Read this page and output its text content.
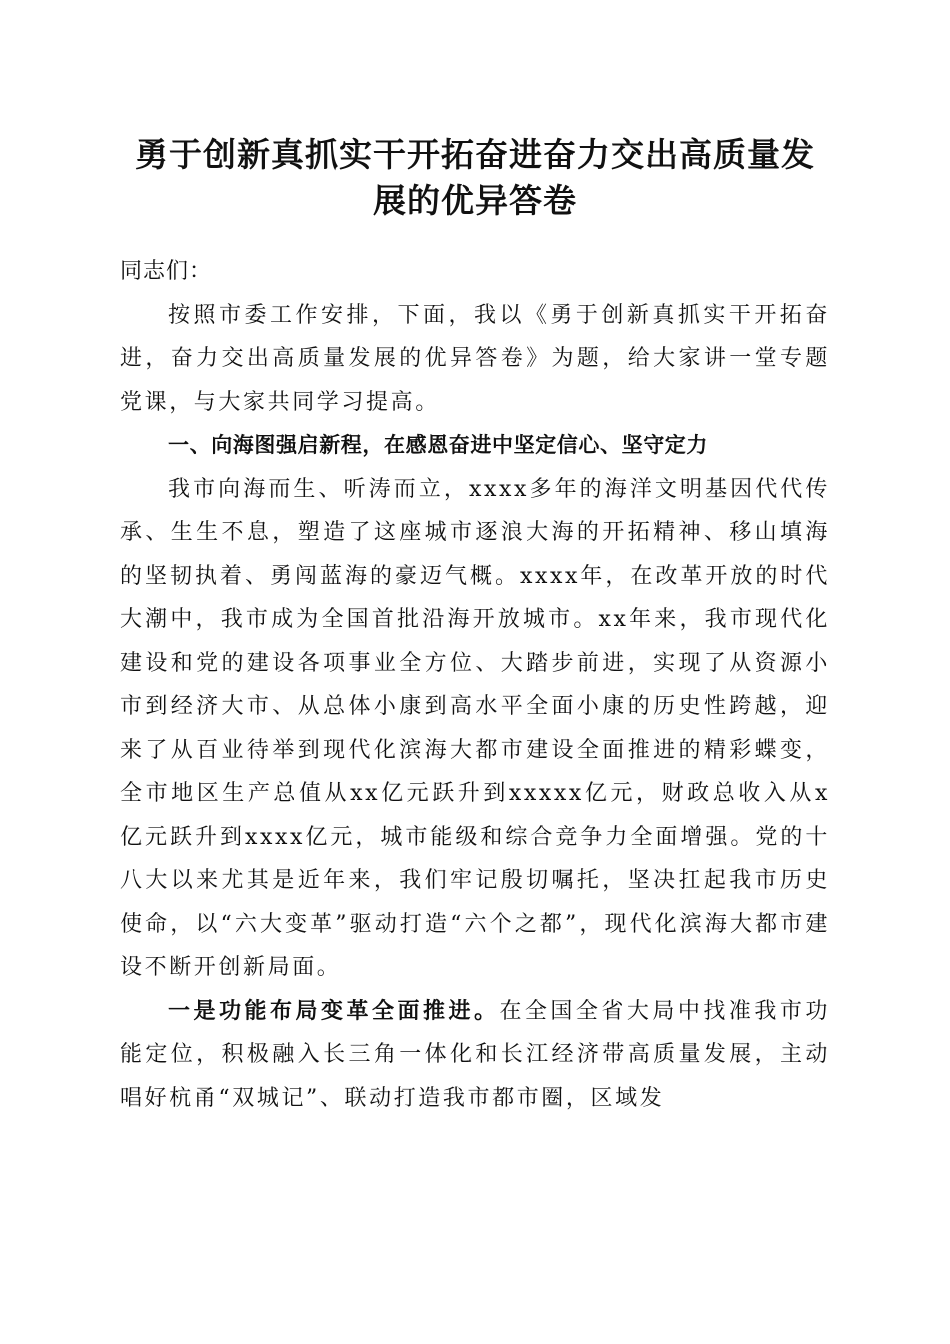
勇于创新真抓实干开拓奋进奋力交出高质量发
展的优异答卷

同志们：

按照市委工作安排，下面，我以《勇于创新真抓实干开拓奋进，奋力交出高质量发展的优异答卷》为题，给大家讲一堂专题党课，与大家共同学习提高。

一、向海图强启新程，在感恩奋进中坚定信心、坚守定力

我市向海而生、听涛而立，xxxx多年的海洋文明基因代代传承、生生不息，塑造了这座城市逐浪大海的开拓精神、移山填海的坚韧执着、勇闯蓝海的豪迈气概。xxxx年，在改革开放的时代大潮中，我市成为全国首批沿海开放城市。xx年来，我市现代化建设和党的建设各项事业全方位、大踏步前进，实现了从资源小市到经济大市、从总体小康到高水平全面小康的历史性跨越，迎来了从百业待举到现代化滨海大都市建设全面推进的精彩蝶变，全市地区生产总值从xx亿元跃升到xxxxx亿元，财政总收入从x亿元跃升到xxxx亿元，城市能级和综合竞争力全面增强。党的十八大以来尤其是近年来，我们牢记殷切嘱托，坚决扛起我市历史使命，以“六大变革”驱动打造“六个之都”，现代化滨海大都市建设不断开创新局面。

一是功能布局变革全面推进。在全国全省大局中找准我市功能定位，积极融入长三角一体化和长江经济带高质量发展，主动唱好杭甬“双城记”、联动打造我市都市圈，区域发
